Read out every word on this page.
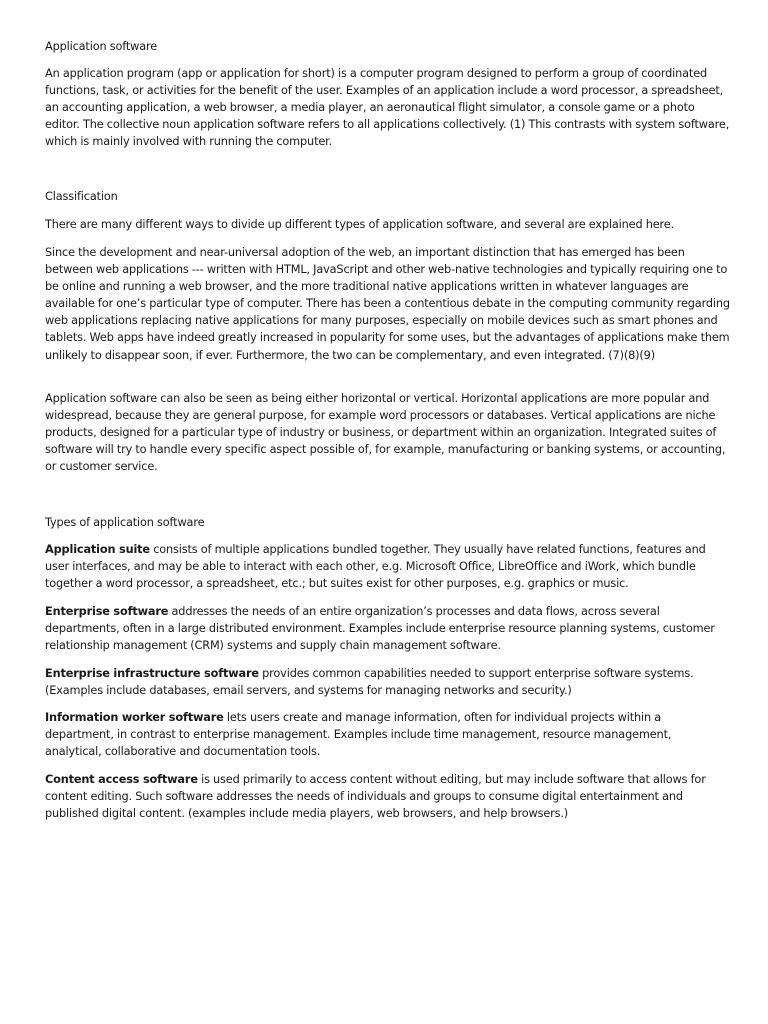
Application software

An application program (app or application for short) is a computer program designed to perform a group of coordinated functions, task, or activities for the benefit of the user. Examples of an application include a word processor, a spreadsheet, an accounting application, a web browser, a media player, an aeronautical flight simulator, a console game or a photo editor. The collective noun application software refers to all applications collectively. (1) This contrasts with system software, which is mainly involved with running the computer.

Classification

There are many different ways to divide up different types of application software, and several are explained here.

Since the development and near-universal adoption of the web, an important distinction that has emerged has been between web applications --- written with HTML, JavaScript and other web-native technologies and typically requiring one to be online and running a web browser, and the more traditional native applications written in whatever languages are available for one’s particular type of computer. There has been a contentious debate in the computing community regarding web applications replacing native applications for many purposes, especially on mobile devices such as smart phones and tablets. Web apps have indeed greatly increased in popularity for some uses, but the advantages of applications make them unlikely to disappear soon, if ever. Furthermore, the two can be complementary, and even integrated. (7)(8)(9)

Application software can also be seen as being either horizontal or vertical. Horizontal applications are more popular and widespread, because they are general purpose, for example word processors or databases. Vertical applications are niche products, designed for a particular type of industry or business, or department within an organization. Integrated suites of software will try to handle every specific aspect possible of, for example, manufacturing or banking systems, or accounting, or customer service.

Types of application software

Application suite consists of multiple applications bundled together. They usually have related functions, features and user interfaces, and may be able to interact with each other, e.g. Microsoft Office, LibreOffice and iWork, which bundle together a word processor, a spreadsheet, etc.; but suites exist for other purposes, e.g. graphics or music.

Enterprise software addresses the needs of an entire organization’s processes and data flows, across several departments, often in a large distributed environment. Examples include enterprise resource planning systems, customer relationship management (CRM) systems and supply chain management software.

Enterprise infrastructure software provides common capabilities needed to support enterprise software systems. (Examples include databases, email servers, and systems for managing networks and security.)

Information worker software lets users create and manage information, often for individual projects within a department, in contrast to enterprise management. Examples include time management, resource management, analytical, collaborative and documentation tools.

Content access software is used primarily to access content without editing, but may include software that allows for content editing. Such software addresses the needs of individuals and groups to consume digital entertainment and published digital content. (examples include media players, web browsers, and help browsers.)
